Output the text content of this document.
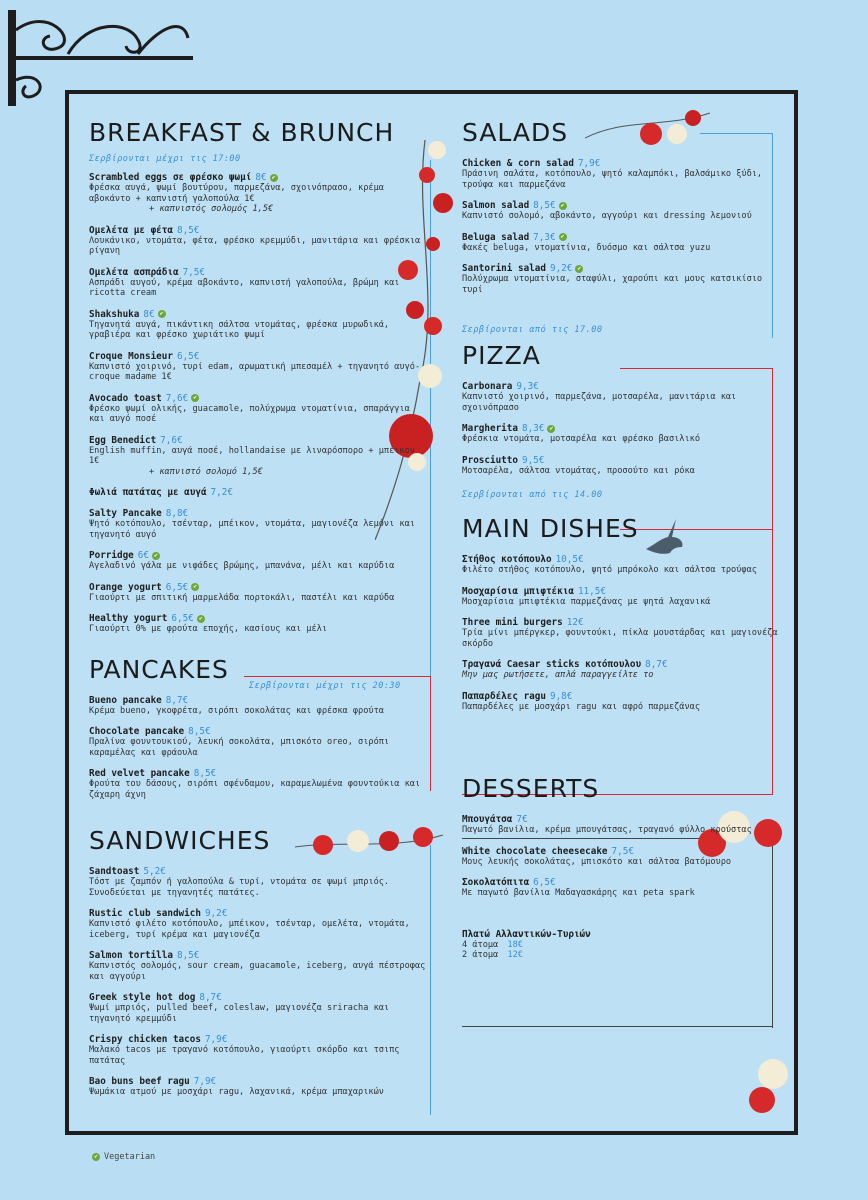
BREAKFAST & BRUNCH
Σερβίρονται μέχρι τις 17:00
Scrambled eggs σε φρέσκο ψωμί 8€ ✔
Φρέσκα αυγά, ψωμί βουτύρου, παρμεζάνα, σχοινόπρασο, κρέμα αβοκάντο + καπνιστή γαλοπούλα 1€
+ καπνιστός σολομός 1,5€
Ομελέτα με φέτα 8,5€
Λουκάνικο, ντομάτα, φέτα, φρέσκο κρεμμύδι, μανιτάρια και φρέσκια ρίγανη
Ομελέτα ασπράδια 7,5€
Ασπράδι αυγού, κρέμα αβοκάντο, καπνιστή γαλοπούλα, βρώμη και ricotta cream
Shakshuka 8€ ✔
Τηγανητά αυγά, πικάντικη σάλτσα ντομάτας, φρέσκα μυρωδικά, γραβιέρα και φρέσκο χωριάτικο ψωμί
Croque Monsieur 6,5€
Καπνιστό χοιρινό, τυρί edam, αρωματική μπεσαμέλ + τηγανητό αυγό-croque madame 1€
Avocado toast 7,6€ ✔
Φρέσκο ψωμί ολικής, guacamole, πολύχρωμα ντοματίνια, σπαράγγια και αυγό ποσέ
Egg Benedict 7,6€
English muffin, αυγά ποσέ, hollandaise με λιναρόσπορο + μπέικον 1€
+ καπνιστό σολομό 1,5€
Φωλιά πατάτας με αυγά 7,2€
Salty Pancake 8,8€
Ψητό κοτόπουλο, τσένταρ, μπέικον, ντομάτα, μαγιονέζα λεμόνι και τηγανητό αυγό
Porridge 6€ ✔
Αγελαδινό γάλα με νιφάδες βρώμης, μπανάνα, μέλι και καρύδια
Orange yogurt 6,5€ ✔
Γιαούρτι με σπιτική μαρμελάδα πορτοκάλι, παστέλι και καρύδα
Healthy yogurt 6,5€ ✔
Γιαούρτι 0% με φρούτα εποχής, κασίους και μέλι
PANCAKES
Σερβίρονται μέχρι τις 20:30
Bueno pancake 8,7€
Κρέμα bueno, γκοφρέτα, σιρόπι σοκολάτας και φρέσκα φρούτα
Chocolate pancake 8,5€
Πραλίνα φουντουκιού, λευκή σοκολάτα, μπισκότο oreo, σιρόπι καραμέλας και φράουλα
Red velvet pancake 8,5€
Φρούτα του δάσους, σιρόπι σφένδαμου, καραμελωμένα φουντούκια και ζάχαρη άχνη
SANDWICHES
Sandtoast 5,2€
Τόστ με ζαμπόν ή γαλοπούλα & τυρί, ντομάτα σε ψωμί μπριός. Συνοδεύεται με τηγανητές πατάτες.
Rustic club sandwich 9,2€
Καπνιστό φιλέτο κοτόπουλο, μπέικον, τσένταρ, ομελέτα, ντομάτα, iceberg, τυρί κρέμα και μαγιονέζα
Salmon tortilla 8,5€
Καπνιστός σολομός, sour cream, guacamole, iceberg, αυγά πέστροφας και αγγούρι
Greek style hot dog 8,7€
Ψωμί μπριός, pulled beef, coleslaw, μαγιονέζα sriracha και τηγανητό κρεμμύδι
Crispy chicken tacos 7,9€
Μαλακό tacos με τραγανό κοτόπουλο, γιαούρτι σκόρδο και τσιπς πατάτας
Bao buns beef ragu 7,9€
Ψωμάκια ατμού με μοσχάρι ragu, λαχανικά, κρέμα μπαχαρικών
SALADS
Chicken & corn salad 7,9€
Πράσινη σαλάτα, κοτόπουλο, ψητό καλαμπόκι, βαλσάμικο ξύδι, τρούφα και παρμεζάνα
Salmon salad 8,5€ ✔
Καπνιστό σολομό, αβοκάντο, αγγούρι και dressing λεμονιού
Beluga salad 7,3€ ✔
Φακές beluga, ντοματίνια, δυόσμο και σάλτσα yuzu
Santorini salad 9,2€ ✔
Πολύχρωμα ντοματίνια, σταφύλι, χαρούπι και μους κατσικίσιο τυρί
Σερβίρονται από τις 17.00
PIZZA
Carbonara 9,3€
Καπνιστό χοιρινό, παρμεζάνα, μοτσαρέλα, μανιτάρια και σχοινόπρασο
Margherita 8,3€ ✔
Φρέσκια ντομάτα, μοτσαρέλα και φρέσκο βασιλικό
Prosciutto 9,5€
Μοτσαρέλα, σάλτσα ντομάτας, προσούτο και ρόκα
Σερβίρονται από τις 14.00
MAIN DISHES
Στήθος κοτόπουλο 10,5€
Φιλέτο στήθος κοτόπουλο, ψητό μπρόκολο και σάλτσα τρούφας
Μοσχαρίσια μπιφτέκια 11,5€
Μοσχαρίσια μπιφτέκια παρμεζάνας με ψητά λαχανικά
Three mini burgers 12€
Τρία μίνι μπέργκερ, φουντούκι, πίκλα μουστάρδας και μαγιονέζα σκόρδο
Τραγανά Caesar sticks κοτόπουλου 8,7€
Μην μας ρωτήσετε, απλά παραγγείλτε το
Παπαρδέλες ragu 9,8€
Παπαρδέλες με μοσχάρι ragu και αφρό παρμεζάνας
DESSERTS
Μπουγάτσα 7€
Παγωτό βανίλια, κρέμα μπουγάτσας, τραγανό φύλλο κρούστας
White chocolate cheesecake 7,5€
Μους λευκής σοκολάτας, μπισκότο και σάλτσα βατόμουρο
Σοκολατόπιτα 6,5€
Με παγωτό βανίλια Μαδαγασκάρης και peta spark
Πλατώ Αλλαντικών-Τυριών
4 άτομα 18€
2 άτομα 12€
✔ Vegetarian
